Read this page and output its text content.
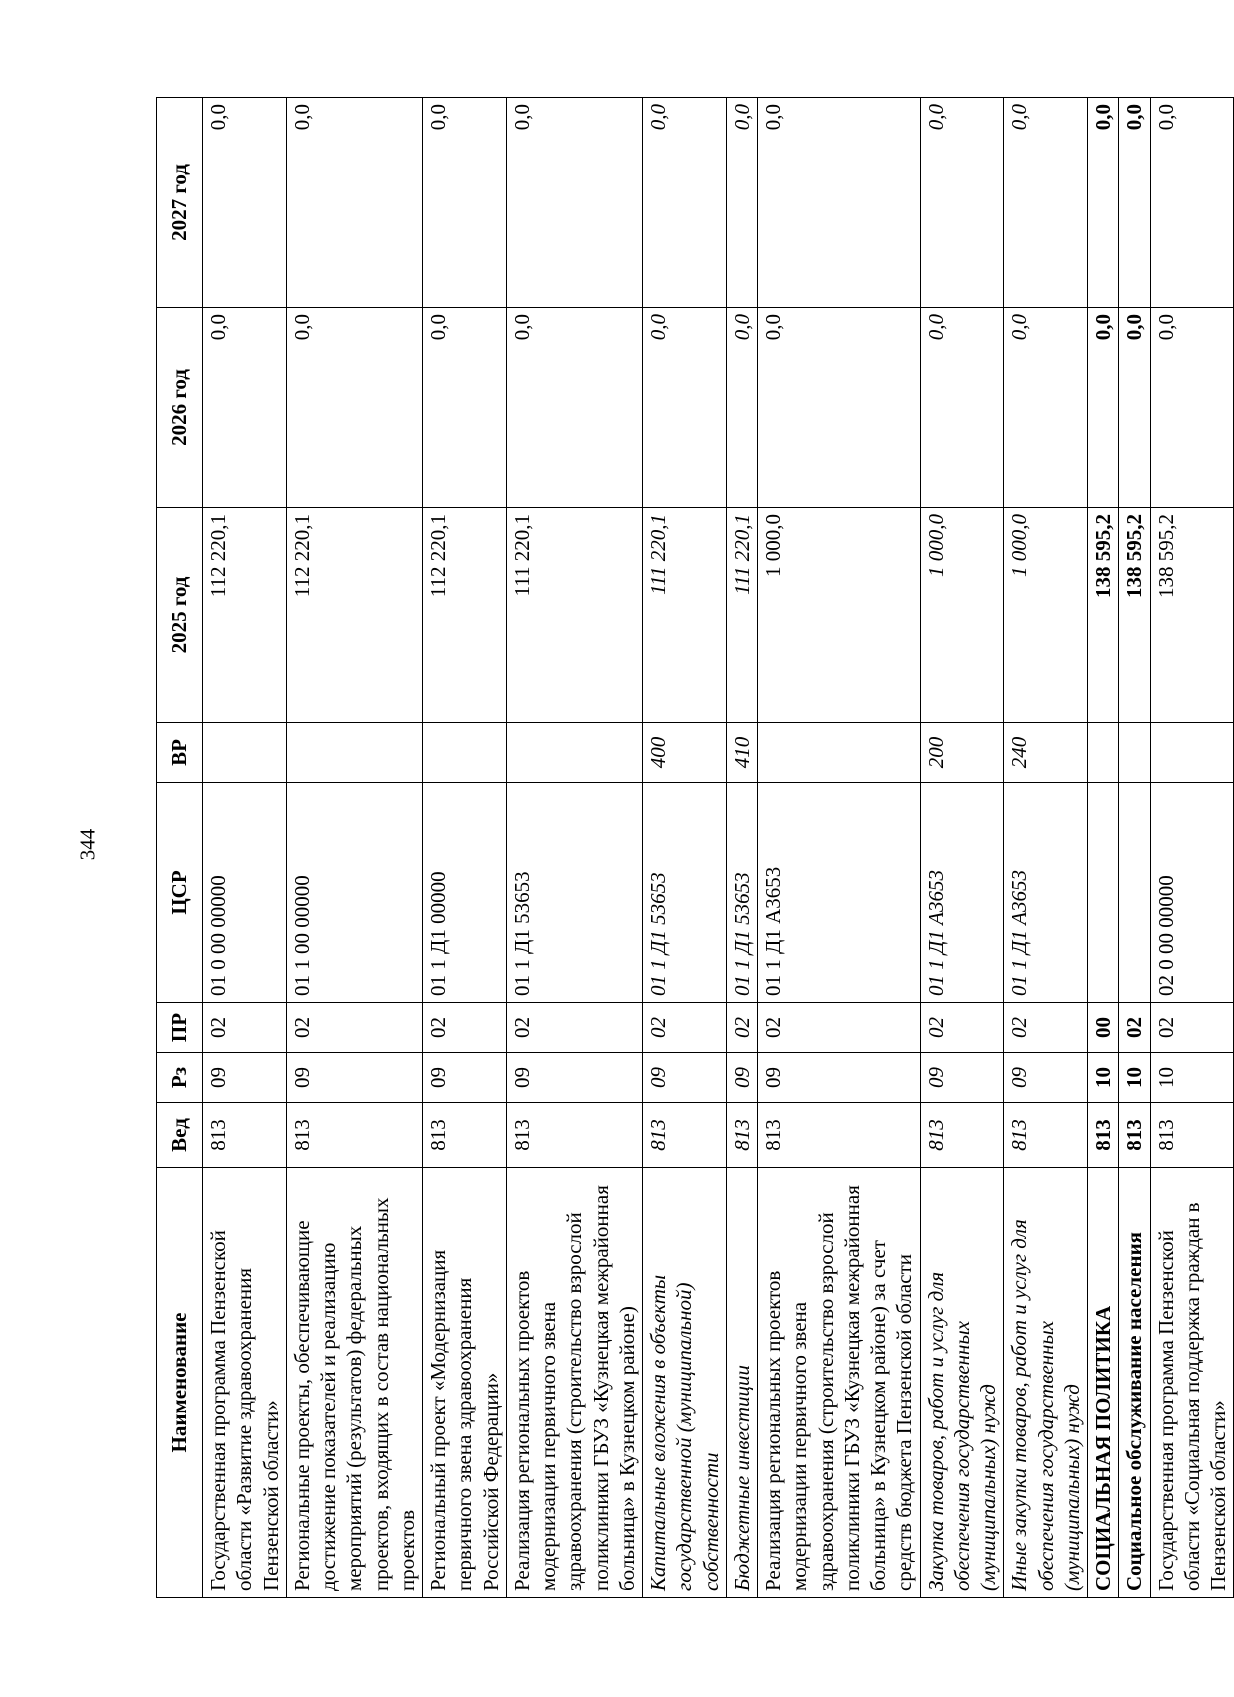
344
Наименование	Вед	Рз	ПР	ЦСР	ВР	2025 год	2026 год	2027 год
Государственная программа Пензенской области «Развитие здравоохранения Пензенской области»	813	09	02	01 0 00 00000		112 220,1	0,0	0,0
Региональные проекты, обеспечивающие достижение показателей и реализацию мероприятий (результатов) федеральных проектов, входящих в состав национальных проектов	813	09	02	01 1 00 00000		112 220,1	0,0	0,0
Региональный проект «Модернизация первичного звена здравоохранения Российской Федерации»	813	09	02	01 1 Д1 00000		112 220,1	0,0	0,0
Реализация региональных проектов модернизации первичного звена здравоохранения (строительство взрослой поликлиники ГБУЗ «Кузнецкая межрайонная больница» в Кузнецком районе)	813	09	02	01 1 Д1 53653		111 220,1	0,0	0,0
Капитальные вложения в объекты государственной (муниципальной) собственности	813	09	02	01 1 Д1 53653	400	111 220,1	0,0	0,0
Бюджетные инвестиции	813	09	02	01 1 Д1 53653	410	111 220,1	0,0	0,0
Реализация региональных проектов модернизации первичного звена здравоохранения (строительство взрослой поликлиники ГБУЗ «Кузнецкая межрайонная больница» в Кузнецком районе) за счет средств бюджета Пензенской области	813	09	02	01 1 Д1 А3653		1 000,0	0,0	0,0
Закупка товаров, работ и услуг для обеспечения государственных (муниципальных) нужд	813	09	02	01 1 Д1 А3653	200	1 000,0	0,0	0,0
Иные закупки товаров, работ и услуг для обеспечения государственных (муниципальных) нужд	813	09	02	01 1 Д1 А3653	240	1 000,0	0,0	0,0
СОЦИАЛЬНАЯ ПОЛИТИКА	813	10	00			138 595,2	0,0	0,0
Социальное обслуживание населения	813	10	02			138 595,2	0,0	0,0
Государственная программа Пензенской области «Социальная поддержка граждан в Пензенской области»	813	10	02	02 0 00 00000		138 595,2	0,0	0,0
